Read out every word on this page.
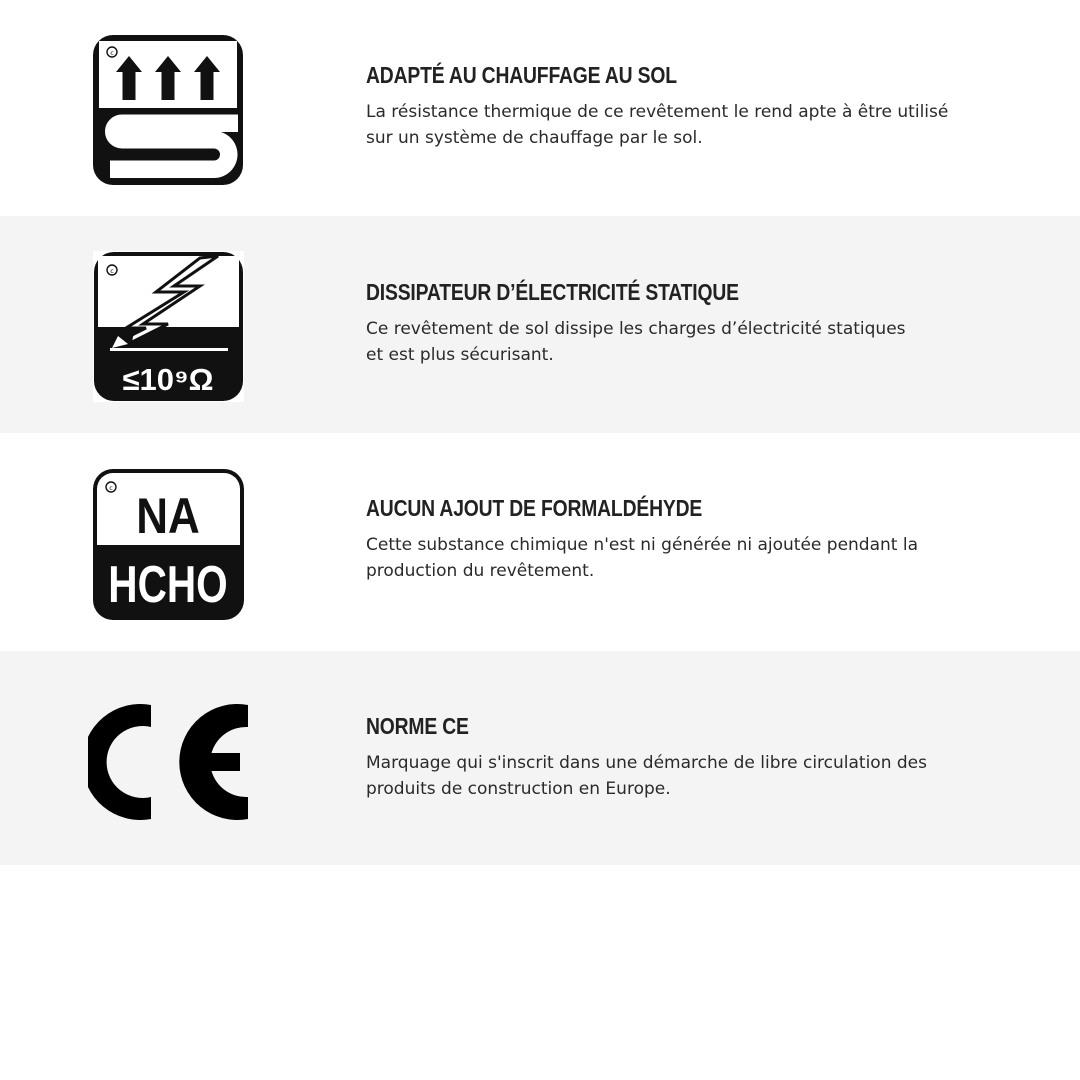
c
ADAPTÉ AU CHAUFFAGE AU SOL
La résistance thermique de ce revêtement le rend apte à être utilisé
sur un système de chauffage par le sol.
c
≤10⁹Ω
DISSIPATEUR D’ÉLECTRICITÉ STATIQUE
Ce revêtement de sol dissipe les charges d’électricité statiques
et est plus sécurisant.
c NA
HCHO
AUCUN AJOUT DE FORMALDÉHYDE
Cette substance chimique n'est ni générée ni ajoutée pendant la
production du revêtement.
NORME CE
Marquage qui s'inscrit dans une démarche de libre circulation des
produits de construction en Europe.
